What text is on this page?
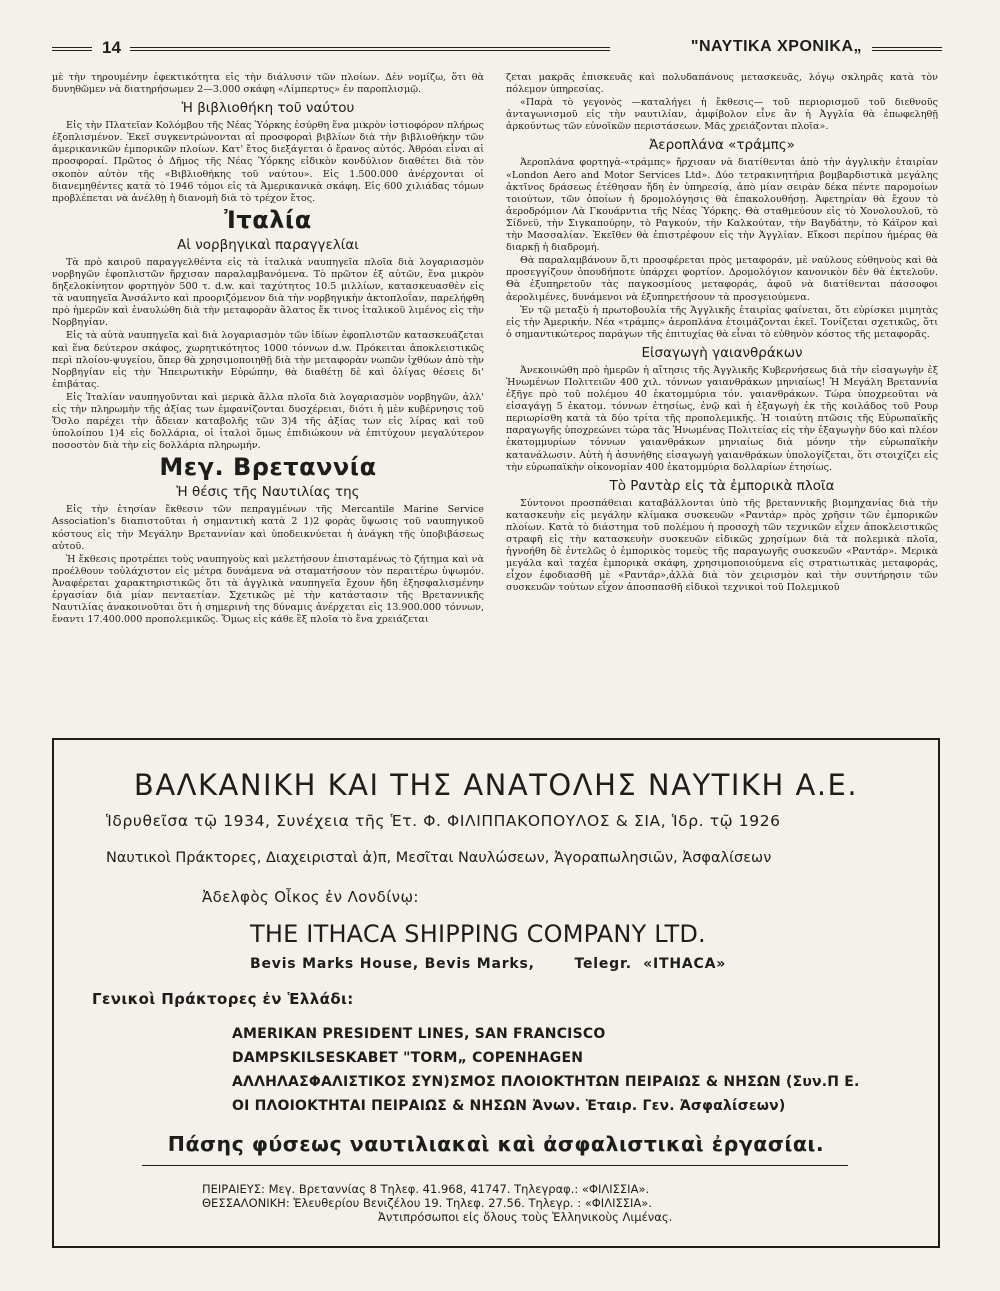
14	"ΝΑΥΤΙΚΑ ΧΡΟΝΙΚΑ„

μὲ τὴν τηρουμένην ἐφεκτικότητα εἰς τὴν διάλυσιν τῶν πλοίων. Δὲν νομίζω, ὅτι θὰ δυνηθῶμεν νὰ διατηρήσωμεν 2—3.000 σκάφη «Λίμπερτυς» ἐν παροπλισμῷ.

Ἡ βιβλιοθήκη τοῦ ναύτου

Εἰς τὴν Πλατεῖαν Κολόμβου τῆς Νέας Ὑόρκης ἐσύρθη ἕνα μικρὸν ἱστιοφόρον πλήρως ἐξοπλισμένον. Ἐκεῖ συγκεντρώνονται αἱ προσφοραὶ βιβλίων διὰ τὴν βιβλιοθήκην τῶν ἀμερικανικῶν ἐμπορικῶν πλοίων. Κατ' ἔτος διεξάγεται ὁ ἔρανος αὐτός. Ἀθρόαι εἶναι αἱ προσφοραί. Πρῶτος ὁ Δῆμος τῆς Νέας Ὑόρκης εἰδικὸν κονδύλιον διαθέτει διὰ τὸν σκοπὸν αὐτὸν τῆς «Βιβλιοθήκης τοῦ ναύτου». Εἰς 1.500.000 ἀνέρχονται οἱ διανεμηθέντες κατὰ τὸ 1946 τόμοι εἰς τὰ Ἀμερικανικὰ σκάφη. Εἰς 600 χιλιάδας τόμων προβλέπεται νὰ ἀνέλθῃ ἡ διανομὴ διὰ τὸ τρέχον ἔτος.

Ἰταλία
Αἱ νορβηγικαὶ παραγγελίαι

Τὰ πρὸ καιροῦ παραγγελθέντα εἰς τὰ ἰταλικὰ ναυπηγεῖα πλοῖα διὰ λογαριασμὸν νορβηγῶν ἐφοπλιστῶν ἤρχισαν παραλαμβανόμενα. Τὸ πρῶτον ἐξ αὐτῶν, ἕνα μικρὸν δηξελοκίνητον φορτηγὸν 500 τ. d.w. καὶ ταχύτητος 10.5 μιλλίων, κατασκευασθὲν εἰς τὰ ναυπηγεῖα Ἀνσάλντο καὶ προοριζόμενον διὰ τὴν νορβηγικὴν ἀκτοπλοΐαν, παρελήφθη πρὸ ἡμερῶν καὶ ἐναυλώθη διὰ τὴν μεταφορὰν ἅλατος ἔκ τινος ἰταλικοῦ λιμένος εἰς τὴν Νορβηγίαν.

Εἰς τὰ αὐτὰ ναυπηγεῖα καὶ διὰ λογαριασμὸν τῶν ἰδίων ἐφοπλιστῶν κατασκευάζεται καὶ ἕνα δεύτερον σκάφος, χωρητικότητος 1000 τόννων d.w. Πρόκειται ἀποκλειστικῶς περὶ πλοίου-ψυγείου, ὅπερ θὰ χρησιμοποιηθῇ διὰ τὴν μεταφορὰν νωπῶν ἰχθύων ἀπὸ τὴν Νορβηγίαν εἰς τὴν Ἠπειρωτικὴν Εὐρώπην, θὰ διαθέτῃ δὲ καὶ ὀλίγας θέσεις δι' ἐπιβάτας.

Εἰς Ἰταλίαν ναυπηγοῦνται καὶ μερικὰ ἄλλα πλοῖα διὰ λογαριασμὸν νορβηγῶν, ἀλλ' εἰς τὴν πληρωμὴν τῆς ἀξίας των ἐμφανίζονται δυσχέρειαι, διότι ἡ μὲν κυβέρνησις τοῦ Ὄσλο παρέχει τὴν ἄδειαν καταβολῆς τῶν 3)4 τῆς ἀξίας των εἰς λίρας καὶ τοῦ ὑπολοίπου 1)4 εἰς δολλάρια, οἱ ἰταλοὶ ὅμως ἐπιδιώκουν νὰ ἐπιτύχουν μεγαλύτερον ποσοστὸν διὰ τὴν εἰς δολλάρια πληρωμήν.

Μεγ. Βρεταννία
Ἡ θέσις τῆς Ναυτιλίας της

Εἰς τὴν ἐτησίαν ἔκθεσιν τῶν πεπραγμένων τῆς Mercantile Marine Service Association's διαπιστοῦται ἡ σημαντικὴ κατὰ 2 1)2 φορὰς ὕψωσις τοῦ ναυπηγικοῦ κόστους εἰς τὴν Μεγάλην Βρεταννίαν καὶ ὑποδεικνύεται ἡ ἀνάγκη τῆς ὑποβιβάσεως αὐτοῦ.

Ἡ ἔκθεσις προτρέπει τοὺς ναυπηγοὺς καὶ μελετήσουν ἐπισταμένως τὸ ζήτημα καὶ νὰ προέλθουν τοὐλάχιστον εἰς μέτρα δυνάμενα νὰ σταματήσουν τὸν περαιτέρω ὑψωμόν. Ἀναφέρεται χαρακτηριστικῶς ὅτι τὰ ἀγγλικὰ ναυπηγεῖα ἔχουν ἤδη ἐξησφαλισμένην ἐργασίαν διὰ μίαν πενταετίαν. Σχετικῶς μὲ τὴν κατάστασιν τῆς Βρεταννικῆς Ναυτιλίας ἀνακοινοῦται ὅτι ἡ σημερινὴ της δύναμις ἀνέρχεται εἰς 13.900.000 τόννων, ἔναντι 17.400.000 προπολεμικῶς. Ὅμως εἰς κάθε ἓξ πλοῖα τὸ ἕνα χρειάζεται

ζεται μακρᾶς ἐπισκευᾶς καὶ πολυδαπάνους μετασκευᾶς, λόγῳ σκληρᾶς κατὰ τὸν πόλεμον ὑπηρεσίας.

«Παρὰ τὸ γεγονὸς —καταλήγει ἡ ἔκθεσις— τοῦ περιορισμοῦ τοῦ διεθνοῦς ἀνταγωνισμοῦ εἰς τὴν ναυτιλίαν, ἀμφίβολον εἶνε ἂν ἡ Ἀγγλία θὰ ἐπωφεληθῇ ἀρκούντως τῶν εὐνοϊκῶν περιστάσεων. Μᾶς χρειάζονται πλοῖα».

Ἀεροπλάνα «τράμπς»

Ἀεροπλάνα φορτηγὰ-«τράμπς» ἤρχισαν νὰ διατίθενται ἀπὸ τὴν ἀγγλικὴν ἑταιρίαν «London Aero and Motor Services Ltd». Δύο τετρακινητήρια βομβαρδιστικὰ μεγάλης ἀκτῖνος δράσεως ἐτέθησαν ἤδη ἐν ὑπηρεσίᾳ, ἀπὸ μίαν σειρὰν δέκα πέντε παρομοίων τοιούτων, τῶν ὁποίων ἡ δρομολόγησις θὰ ἐπακολουθήσῃ. Ἀφετηρίαν θὰ ἔχουν τὸ ἀεροδρόμιον Λὰ Γκουάρντια τῆς Νέας Ὑόρκης. Θὰ σταθμεύουν εἰς τὸ Χονολουλοῦ, τὸ Σίδνεϋ, τὴν Σιγκαπούρην, τὸ Ραγκούν, τὴν Καλκούταν, τὴν Βαγδάτην, τὸ Κάϊρον καὶ τὴν Μασσαλίαν. Ἐκεῖθεν θὰ ἐπιστρέφουν εἰς τὴν Ἀγγλίαν. Εἴκοσι περίπου ἡμέρας θὰ διαρκῇ ἡ διαδρομή.

Θὰ παραλαμβάνουν ὅ,τι προσφέρεται πρὸς μεταφοράν, μὲ ναύλους εὐθηνοὺς καὶ θὰ προσεγγίζουν ὁπουδήποτε ὑπάρχει φορτίον. Δρομολόγιον κανονικὸν δὲν θὰ ἐκτελοῦν. Θὰ ἐξυπηρετοῦν τὰς παγκοσμίους μεταφοράς, ἀφοῦ νὰ διατίθενται πάσσοφοι ἀερολιμένες, δυνάμενοι νὰ ἐξυπηρετήσουν τὰ προσγειούμενα.

Ἐν τῷ μεταξὺ ἡ πρωτοβουλία τῆς Ἀγγλικῆς ἑταιρίας φαίνεται, ὅτι εὑρίσκει μιμητὰς εἰς τὴν Ἀμερικήν. Νέα «τράμπς» ἀεροπλάνα ἑτοιμάζονται ἐκεῖ. Τονίζεται σχετικῶς, ὅτι ὁ σημαντικώτερος παράγων τῆς ἐπιτυχίας θὰ εἶναι τὸ εὐθηνὸν κόστος τῆς μεταφορᾶς.

Εἰσαγωγὴ γαιανθράκων

Ἀνεκοινώθη πρὸ ἡμερῶν ἡ αἴτησις τῆς Ἀγγλικῆς Κυβερνήσεως διὰ τὴν εἰσαγωγὴν ἐξ Ἡνωμένων Πολιτειῶν 400 χιλ. τόννων γαιανθράκων μηνιαίως! Ἡ Μεγάλη Βρεταννία ἐξῆγε πρὸ τοῦ πολέμου 40 ἑκατομμύρια τόν. γαιανθράκων. Τώρα ὑποχρεοῦται νὰ εἰσαγάγῃ 5 ἑκατομ. τόννων ἐτησίως, ἐνῷ καὶ ἡ ἐξαγωγὴ ἐκ τῆς κοιλάδος τοῦ Ρουρ περιωρίσθη κατὰ τὰ δύο τρίτα τῆς προπολεμικῆς. Ἡ τοιαύτη πτῶσις τῆς Εὐρωπαϊκῆς παραγωγῆς ὑποχρεώνει τώρα τὰς Ἡνωμένας Πολιτείας εἰς τὴν ἐξαγωγὴν δύο καὶ πλέον ἑκατομμυρίων τόννων γαιανθράκων μηνιαίως διὰ μόνην τὴν εὐρωπαϊκὴν κατανάλωσιν. Αὐτὴ ἡ ἀσυνήθης εἰσαγωγὴ γαιανθράκων ὑπολογίζεται, ὅτι στοιχίζει εἰς τὴν εὐρωπαϊκὴν οἰκονομίαν 400 ἑκατομμύρια δολλαρίων ἐτησίως.

Τὸ Ραντὰρ εἰς τὰ ἐμπορικὰ πλοῖα

Σύντονοι προσπάθειαι καταβάλλονται ὑπὸ τῆς βρεταννικῆς βιομηχανίας διὰ τὴν κατασκευὴν εἰς μεγάλην κλίμακα συσκευῶν «Ραντάρ» πρὸς χρῆσιν τῶν ἐμπορικῶν πλοίων. Κατὰ τὸ διάστημα τοῦ πολέμου ἡ προσοχὴ τῶν τεχνικῶν εἶχεν ἀποκλειστικῶς στραφῆ εἰς τὴν κατασκευὴν συσκευῶν εἰδικῶς χρησίμων διὰ τὰ πολεμικὰ πλοῖα, ἠγνοήθη δὲ ἐντελῶς ὁ ἐμπορικὸς τομεὺς τῆς παραγωγῆς συσκευῶν «Ραντάρ». Μερικὰ μεγάλα καὶ ταχέα ἐμπορικὰ σκάφη, χρησιμοποιούμενα εἰς στρατιωτικὰς μεταφοράς, εἶχον ἐφοδιασθῆ μὲ «Ραντάρ»,ἀλλὰ διὰ τὸν χειρισμὸν καὶ τὴν συντήρησιν τῶν συσκευῶν τούτων εἶχον ἀποσπασθῆ εἰδικοὶ τεχνικοὶ τοῦ Πολεμικοῦ

ΒΑΛΚΑΝΙΚΗ ΚΑΙ ΤΗΣ ΑΝΑΤΟΛΗΣ ΝΑΥΤΙΚΗ Α.Ε.
Ἱδρυθεῖσα τῷ 1934, Συνέχεια τῆς Ἑτ. Φ. ΦΙΛΙΠΠΑΚΟΠΟΥΛΟΣ & ΣΙΑ, Ἱδρ. τῷ 1926
Ναυτικοὶ Πράκτορες, Διαχειρισταὶ ἀ)π, Μεσῖται Ναυλώσεων, Ἀγοραπωλησιῶν, Ἀσφαλίσεων
Ἀδελφὸς Οἶκος ἐν Λονδίνῳ:
THE ITHACA SHIPPING COMPANY LTD.
Bevis Marks House, Bevis Marks,       Telegr.  «ITHACA»
Γενικοὶ Πράκτορες ἐν Ἑλλάδι:
AMERIKAN PRESIDENT LINES, SAN FRANCISCO
DAMPSKILSESKABET "TORM„ COPENHAGEN
ΑΛΛΗΛΑΣΦΑΛΙΣΤΙΚΟΣ ΣΥΝ)ΣΜΟΣ ΠΛΟΙΟΚΤΗΤΩΝ ΠΕΙΡΑΙΩΣ & ΝΗΣΩΝ (Συν.Π Ε.
ΟΙ ΠΛΟΙΟΚΤΗΤΑΙ ΠΕΙΡΑΙΩΣ & ΝΗΣΩΝ Ἀνων. Ἑταιρ. Γεν. Ἀσφαλίσεων)
Πάσης φύσεως ναυτιλιακαὶ καὶ ἀσφαλιστικαὶ ἐργασίαι.
ΠΕΙΡΑΙΕΥΣ: Μεγ. Βρεταννίας 8 Τηλεφ. 41.968, 41747. Τηλεγραφ.: «ΦΙΛΙΣΣΙΑ».
ΘΕΣΣΑΛΟΝΙΚΗ: Ἐλευθερίου Βενιζέλου 19. Τηλεφ. 27.56. Τηλεγρ. : «ΦΙΛΙΣΣΙΑ».
Ἀντιπρόσωποι εἰς ὅλους τοὺς Ἑλληνικοὺς Λιμένας.
